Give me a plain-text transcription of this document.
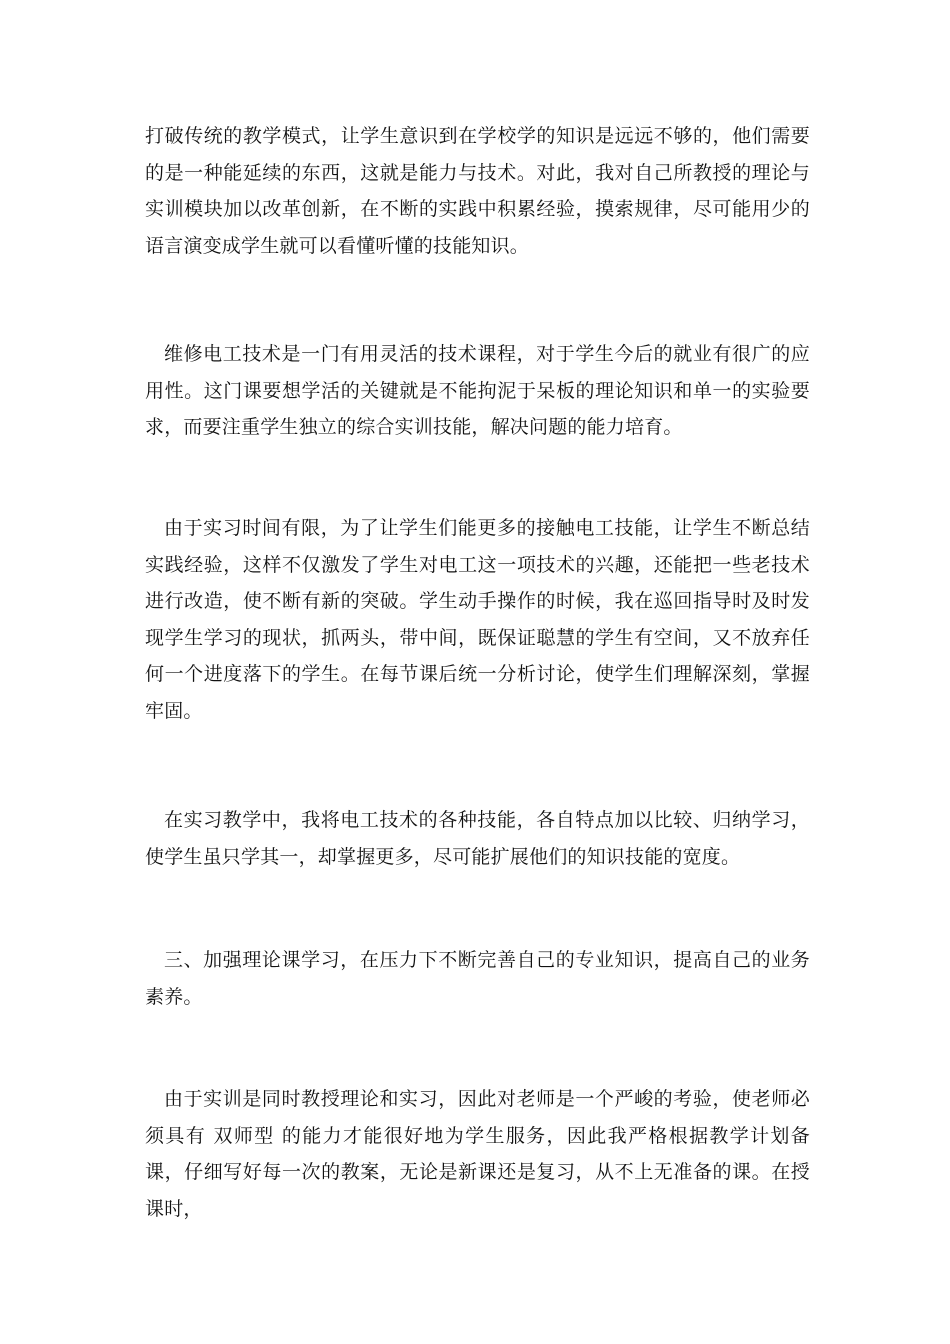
打破传统的教学模式，让学生意识到在学校学的知识是远远不够的，他们需要的是一种能延续的东西，这就是能力与技术。对此，我对自己所教授的理论与实训模块加以改革创新，在不断的实践中积累经验，摸索规律，尽可能用少的语言演变成学生就可以看懂听懂的技能知识。

维修电工技术是一门有用灵活的技术课程，对于学生今后的就业有很广的应用性。这门课要想学活的关键就是不能拘泥于呆板的理论知识和单一的实验要求，而要注重学生独立的综合实训技能，解决问题的能力培育。

由于实习时间有限，为了让学生们能更多的接触电工技能，让学生不断总结实践经验，这样不仅激发了学生对电工这一项技术的兴趣，还能把一些老技术进行改造，使不断有新的突破。学生动手操作的时候，我在巡回指导时及时发现学生学习的现状，抓两头，带中间，既保证聪慧的学生有空间，又不放弃任何一个进度落下的学生。在每节课后统一分析讨论，使学生们理解深刻，掌握牢固。

在实习教学中，我将电工技术的各种技能，各自特点加以比较、归纳学习，使学生虽只学其一，却掌握更多，尽可能扩展他们的知识技能的宽度。

三、加强理论课学习，在压力下不断完善自己的专业知识，提高自己的业务素养。

由于实训是同时教授理论和实习，因此对老师是一个严峻的考验，使老师必须具有 双师型 的能力才能很好地为学生服务，因此我严格根据教学计划备课，仔细写好每一次的教案，无论是新课还是复习，从不上无准备的课。在授课时，
